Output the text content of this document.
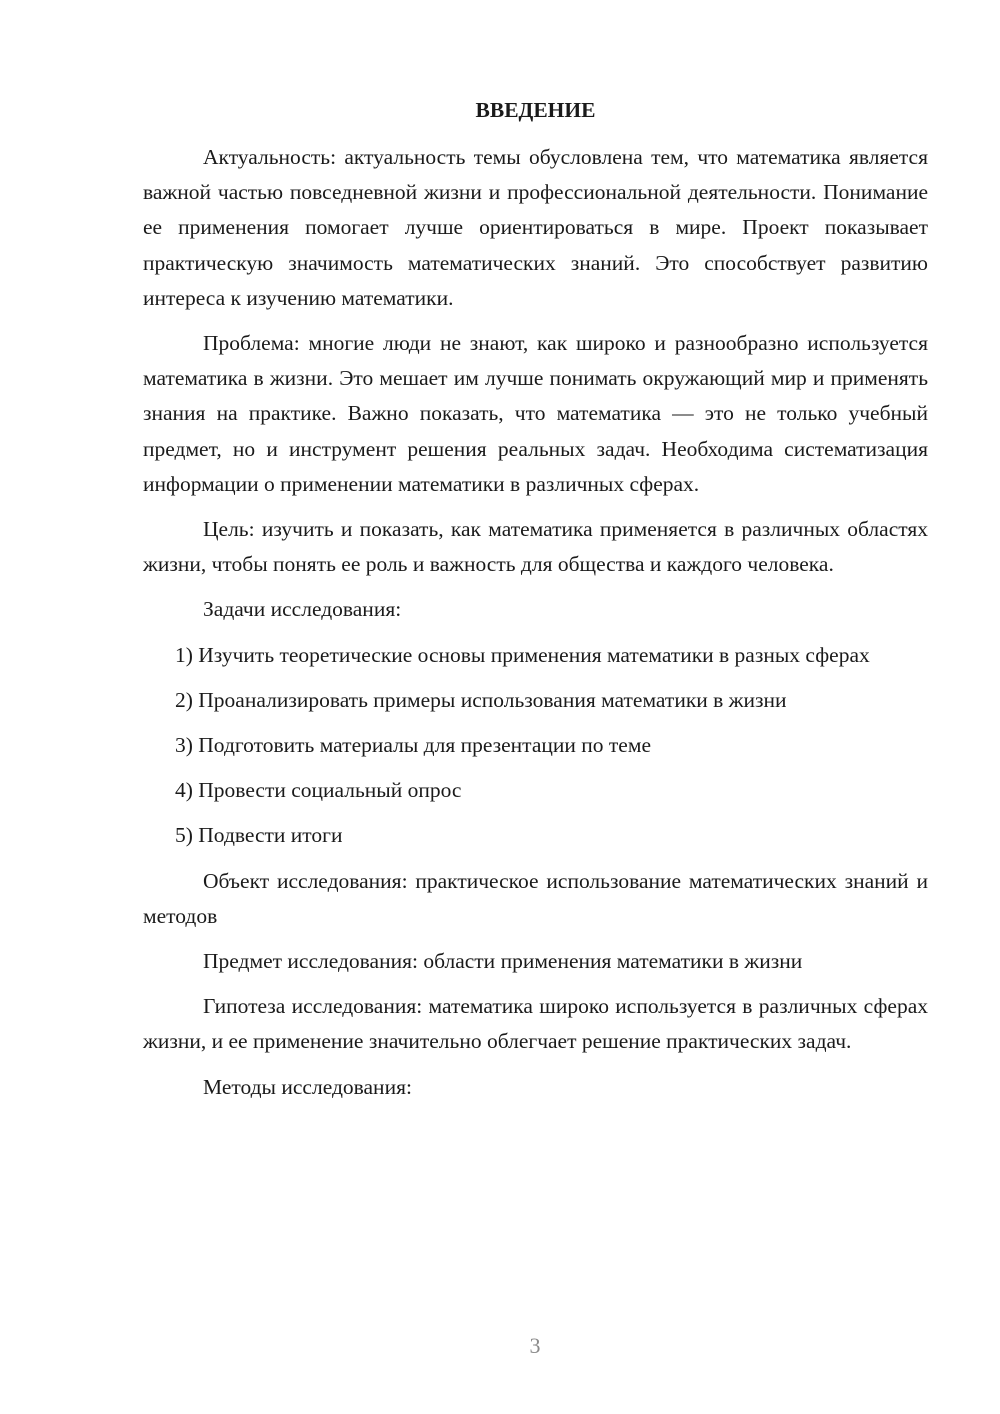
ВВЕДЕНИЕ
Актуальность: актуальность темы обусловлена тем, что математика является важной частью повседневной жизни и профессиональной деятельности. Понимание ее применения помогает лучше ориентироваться в мире. Проект показывает практическую значимость математических знаний. Это способствует развитию интереса к изучению математики.
Проблема: многие люди не знают, как широко и разнообразно используется математика в жизни. Это мешает им лучше понимать окружающий мир и применять знания на практике. Важно показать, что математика — это не только учебный предмет, но и инструмент решения реальных задач. Необходима систематизация информации о применении математики в различных сферах.
Цель: изучить и показать, как математика применяется в различных областях жизни, чтобы понять ее роль и важность для общества и каждого человека.
Задачи исследования:
1) Изучить теоретические основы применения математики в разных сферах
2) Проанализировать примеры использования математики в жизни
3) Подготовить материалы для презентации по теме
4) Провести социальный опрос
5) Подвести итоги
Объект исследования: практическое использование математических знаний и методов
Предмет исследования: области применения математики в жизни
Гипотеза исследования: математика широко используется в различных сферах жизни, и ее применение значительно облегчает решение практических задач.
Методы исследования:
3
